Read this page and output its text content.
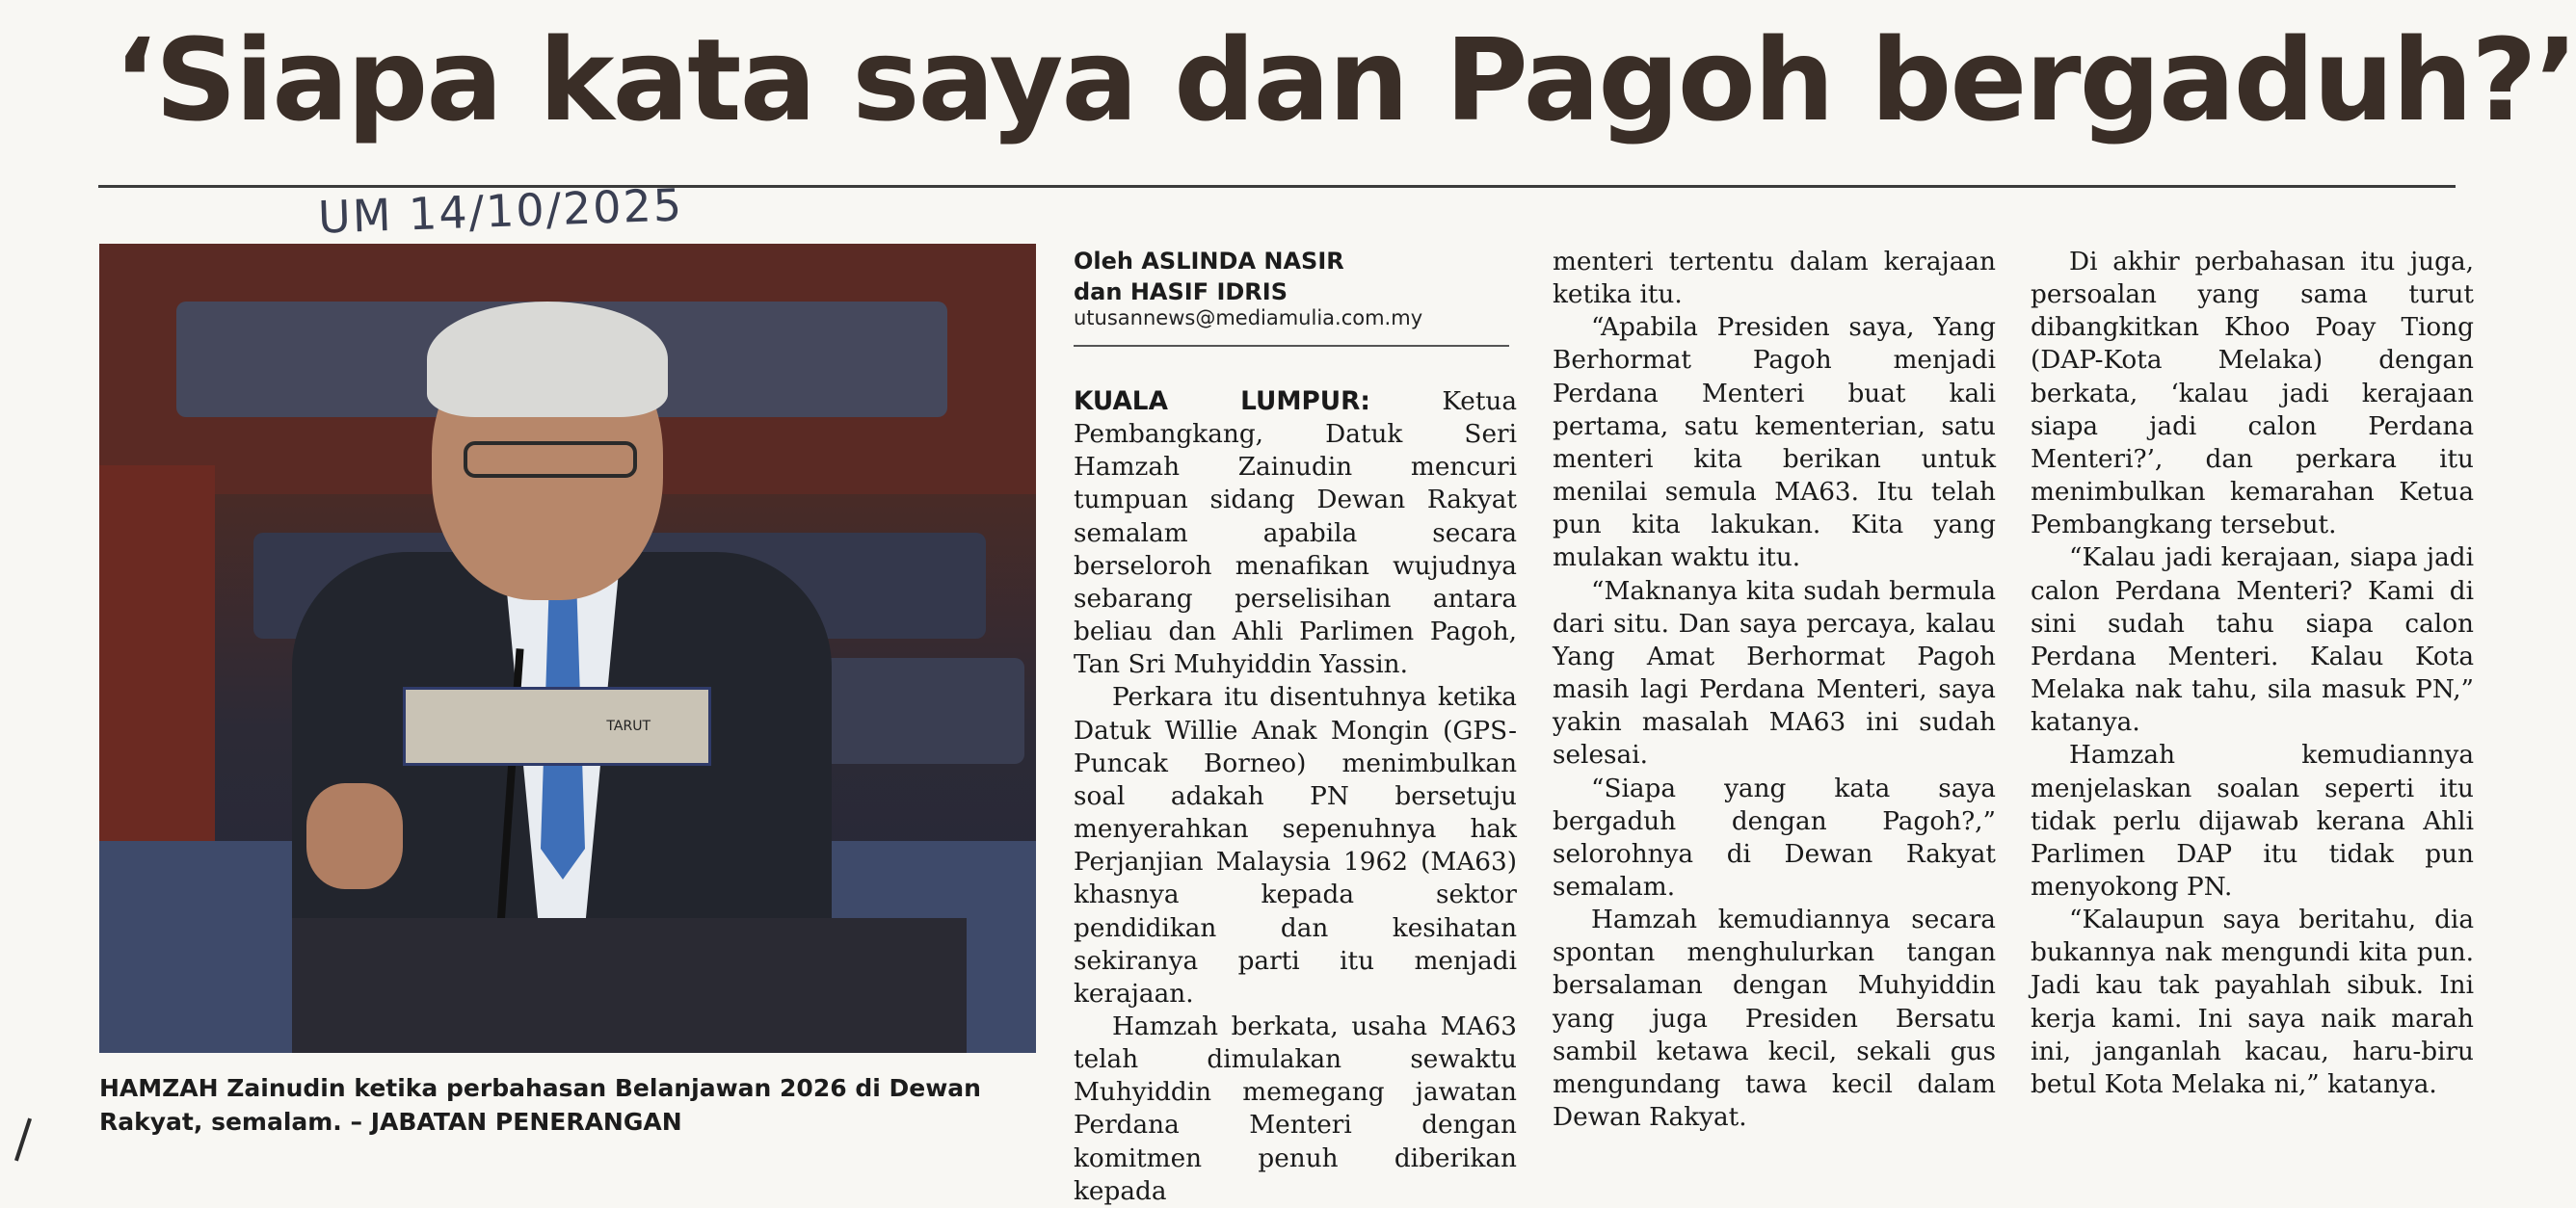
‘Siapa kata saya dan Pagoh bergaduh?’
UM 14/10/2025
TARUT
HAMZAH Zainudin ketika perbahasan Belanjawan 2026 di Dewan Rakyat, semalam. – JABATAN PENERANGAN
Oleh ASLINDA NASIR
dan HASIF IDRIS
utusannews@mediamulia.com.my

KUALA LUMPUR: Ketua Pembangkang, Datuk Seri Hamzah Zainudin mencuri tumpuan sidang Dewan Rakyat semalam apabila secara berseloroh menafikan wujudnya sebarang perselisihan antara beliau dan Ahli Parlimen Pagoh, Tan Sri Muhyiddin Yassin.

Perkara itu disentuhnya ketika Datuk Willie Anak Mongin (GPS-Puncak Borneo) menimbulkan soal adakah PN bersetuju menyerahkan sepenuhnya hak Perjanjian Malaysia 1962 (MA63) khasnya kepada sektor pendidikan dan kesihatan sekiranya parti itu menjadi kerajaan.

Hamzah berkata, usaha MA63 telah dimulakan sewaktu Muhyiddin memegang jawatan Perdana Menteri dengan komitmen penuh diberikan kepada

menteri tertentu dalam kerajaan ketika itu.

“Apabila Presiden saya, Yang Berhormat Pagoh menjadi Perdana Menteri buat kali pertama, satu kementerian, satu menteri kita berikan untuk menilai semula MA63. Itu telah pun kita lakukan. Kita yang mulakan waktu itu.

“Maknanya kita sudah bermula dari situ. Dan saya percaya, kalau Yang Amat Berhormat Pagoh masih lagi Perdana Menteri, saya yakin masalah MA63 ini sudah selesai.

“Siapa yang kata saya bergaduh dengan Pagoh?,” selorohnya di Dewan Rakyat semalam.

Hamzah kemudiannya secara spontan menghulurkan tangan bersalaman dengan Muhyiddin yang juga Presiden Bersatu sambil ketawa kecil, sekali gus mengundang tawa kecil dalam Dewan Rakyat.

Di akhir perbahasan itu juga, persoalan yang sama turut dibangkitkan Khoo Poay Tiong (DAP-Kota Melaka) dengan berkata, ‘kalau jadi kerajaan siapa jadi calon Perdana Menteri?’, dan perkara itu menimbulkan kemarahan Ketua Pembangkang tersebut.

“Kalau jadi kerajaan, siapa jadi calon Perdana Menteri? Kami di sini sudah tahu siapa calon Perdana Menteri. Kalau Kota Melaka nak tahu, sila masuk PN,” katanya.

Hamzah kemudiannya menjelaskan soalan seperti itu tidak perlu dijawab kerana Ahli Parlimen DAP itu tidak pun menyokong PN.

“Kalaupun saya beritahu, dia bukannya nak mengundi kita pun. Jadi kau tak payahlah sibuk. Ini kerja kami. Ini saya naik marah ini, janganlah kacau, haru-biru betul Kota Melaka ni,” katanya.
